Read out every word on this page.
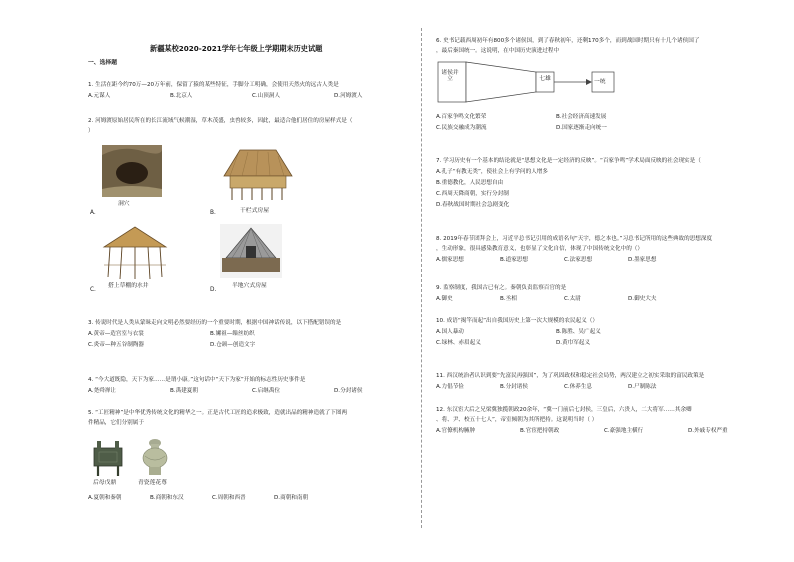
新疆某校2020-2021学年七年级上学期期末历史试题
一、选择题
1. 生活在距今约70万—20万年前，保留了猿的某些特征，手脚分工明确，会使用天然火的远古人类是
A.元谋人	B.北京人	C.山顶洞人	D.河姆渡人
2. 河姆渡原始居民所在的长江流域气候潮湿，草木茂盛，虫兽较多，因此，最适合他们居住的房屋样式是（
）
A.
洞穴
B.	干栏式房屋
C.
搭上草棚的水井
D.
半地穴式房屋
3. 传说时代是人类从蒙昧走向文明必然要经历的一个重要时期，根据中国神话传说，以下搭配错误的是
A.黄帝—造宫室与衣裳	B.嫘祖—缫丝纺织
C.炎帝—种五谷制陶器	D.仓颉—创造文字
4. “今大道既隐，天下为家……是谓小康。”这句话中“天下为家”开始的标志性历史事件是
A.尧舜禅让	B.禹建夏朝	C.启继禹位	D.分封诸侯
5. “工匠精神”是中华优秀传统文化的精华之一。正是古代工匠的追求极致，造就出品的精神造就了下图两
件精品，它们分别属于
后母戊鼎	青瓷莲花尊
A.夏朝和秦朝	B.商朝和东汉	C.周朝和西晋	D.商朝和南朝
6. 史书记载西周初年有800多个诸侯国，到了春秋初年，还剩170多个，而到战国时期只有十几个诸侯国了
，最后秦国统一。这说明，在中国历史演进过程中
诸侯并立	七雄	一统
A.百家争鸣文化繁荣	B.社会经济高速发展
C.民族交融成为潮流	D.国家逐渐走向统一
7. 学习历史有一个基本的结论就是“思想文化是一定经济的反映”。“百家争鸣”学术局面反映的社会现实是（
A.孔子“有教无类”，使社会上有学问的人增多
B.重德教化，人民思想自由
C.西周天降商朝，实行分封制
D.春秋战国时期社会急剧变化
8. 2019年春节团拜会上，习近平总书记引用的成语名句“天宇，德之本也。”习总书记所用的这些典故的思想深度
，生动形象，很具感染教育意义，也彰显了文化自信，体现了中国传统文化中的（）
A.儒家思想	B.道家思想	C.法家思想	D.墨家思想
9. 监察制度，我国古已有之。秦朝负责监察百官的是
A.御史	B.丞相	C.太尉	D.御史大夫
10. 成语“揭竿而起”出自我国历史上第一次大规模的农民起义（）
A.国人暴动	B.陈胜、吴广起义
C.绿林、赤眉起义	D.黄巾军起义
11. 西汉统治者认识到要“先富民再强国”，为了巩固政权和稳定社会局势，两汉建立之初实采取的富民政策是
A.力倡节俭	B.分封诸侯	C.休养生息	D.尸制陈法
12. 东汉宦大后之兄梁冀独揽朝政20余年，“冀一门前后七封侯，三皇后，六贵人，二大将军……其余卿
、将、尹、校五十七人”，帝室倾朝为其所把持。这说明当时（ ）
A.官僚机构臃肿	B.官宦把持朝政	C.豪强地主横行	D.外戚专权严重
